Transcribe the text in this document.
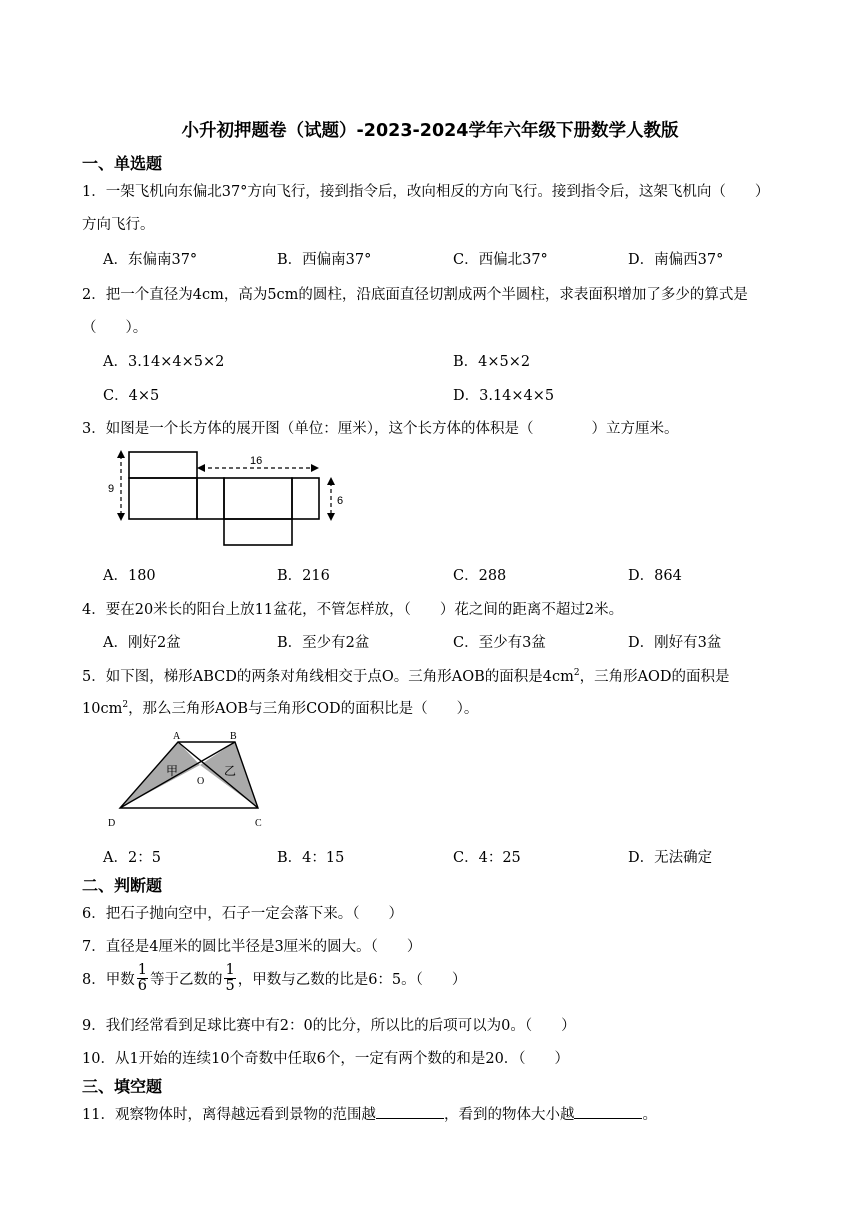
小升初押题卷（试题）-2023-2024学年六年级下册数学人教版
一、单选题
1．一架飞机向东偏北37°方向飞行，接到指令后，改向相反的方向飞行。接到指令后，这架飞机向（　　）
方向飞行。
A．东偏南37°	B．西偏南37°	C．西偏北37°	D．南偏西37°
2．把一个直径为4cm，高为5cm的圆柱，沿底面直径切割成两个半圆柱，求表面积增加了多少的算式是
（　　）。
A．3.14×4×5×2	B．4×5×2
C．4×5	D．3.14×4×5
3．如图是一个长方体的展开图（单位：厘米），这个长方体的体积是（　　　　）立方厘米。
9
16
6
A．180	B．216	C．288	D．864
4．要在20米长的阳台上放11盆花，不管怎样放，（　　）花之间的距离不超过2米。
A．刚好2盆	B．至少有2盆	C．至少有3盆	D．刚好有3盆
5．如下图，梯形ABCD的两条对角线相交于点O。三角形AOB的面积是$4cm^2$，三角形AOD的面积是
$10cm^2$，那么三角形AOB与三角形COD的面积比是（　　）。
A	B
C
D
O
甲	乙
A．2：5	B．4：15	C．4：25	D．无法确定
二、判断题
6．把石子抛向空中，石子一定会落下来。（　　）
7．直径是4厘米的圆比半径是3厘米的圆大。（　　）
8．甲数 $\frac{1}{6}$ 等于乙数的 $\frac{1}{5}$ ，甲数与乙数的比是6：5。（　　）
9．我们经常看到足球比赛中有2：0的比分，所以比的后项可以为0。（　　）
10．从1开始的连续10个奇数中任取6个，一定有两个数的和是20．（　　）
三、填空题
11．观察物体时，离得越远看到景物的范围越	，看到的物体大小越	。
